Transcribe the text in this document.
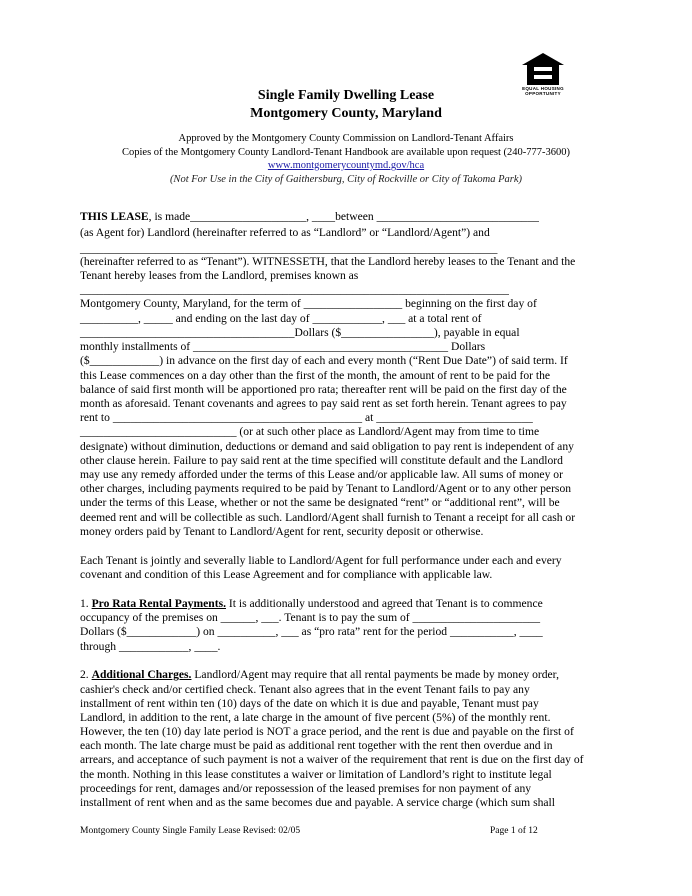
EQUAL HOUSING
OPPORTUNITY
Single Family Dwelling Lease
Montgomery County, Maryland
Approved by the Montgomery County Commission on Landlord-Tenant Affairs
Copies of the Montgomery County Landlord-Tenant Handbook are available upon request (240-777-3600)
www.montgomerycountymd.gov/hca
(Not For Use in the City of Gaithersburg, City of Rockville or City of Takoma Park)
THIS LEASE, is made____________________, ____between ____________________________
(as Agent for) Landlord (hereinafter referred to as “Landlord” or “Landlord/Agent”) and
________________________________________________________________________
(hereinafter referred to as “Tenant”). WITNESSETH, that the Landlord hereby leases to the Tenant and the
Tenant hereby leases from the Landlord, premises known as
__________________________________________________________________________
Montgomery County, Maryland, for the term of _________________ beginning on the first day of
__________, _____ and ending on the last day of ____________, ___ at a total rent of
_____________________________________Dollars ($________________), payable in equal
monthly installments of ____________________________________________ Dollars
($____________) in advance on the first day of each and every month (“Rent Due Date”) of said term. If
this Lease commences on a day other than the first of the month, the amount of rent to be paid for the
balance of said first month will be apportioned pro rata; thereafter rent will be paid on the first day of the
month as aforesaid. Tenant covenants and agrees to pay said rent as set forth herein. Tenant agrees to pay
rent to ___________________________________________ at ___________________________
___________________________ (or at such other place as Landlord/Agent may from time to time
designate) without diminution, deductions or demand and said obligation to pay rent is independent of any
other clause herein. Failure to pay said rent at the time specified will constitute default and the Landlord
may use any remedy afforded under the terms of this Lease and/or applicable law. All sums of money or
other charges, including payments required to be paid by Tenant to Landlord/Agent or to any other person
under the terms of this Lease, whether or not the same be designated “rent” or “additional rent”, will be
deemed rent and will be collectible as such. Landlord/Agent shall furnish to Tenant a receipt for all cash or
money orders paid by Tenant to Landlord/Agent for rent, security deposit or otherwise.
Each Tenant is jointly and severally liable to Landlord/Agent for full performance under each and every
covenant and condition of this Lease Agreement and for compliance with applicable law.
1. Pro Rata Rental Payments. It is additionally understood and agreed that Tenant is to commence
occupancy of the premises on ______, ___. Tenant is to pay the sum of ______________________
Dollars ($____________) on __________, ___ as “pro rata” rent for the period ___________, ____
through ____________, ____.
2. Additional Charges. Landlord/Agent may require that all rental payments be made by money order,
cashier's check and/or certified check. Tenant also agrees that in the event Tenant fails to pay any
installment of rent within ten (10) days of the date on which it is due and payable, Tenant must pay
Landlord, in addition to the rent, a late charge in the amount of five percent (5%) of the monthly rent.
However, the ten (10) day late period is NOT a grace period, and the rent is due and payable on the first of
each month. The late charge must be paid as additional rent together with the rent then overdue and in
arrears, and acceptance of such payment is not a waiver of the requirement that rent is due on the first day of
the month. Nothing in this lease constitutes a waiver or limitation of Landlord’s right to institute legal
proceedings for rent, damages and/or repossession of the leased premises for non payment of any
installment of rent when and as the same becomes due and payable. A service charge (which sum shall
Montgomery County Single Family Lease Revised: 02/05	Page 1 of 12
